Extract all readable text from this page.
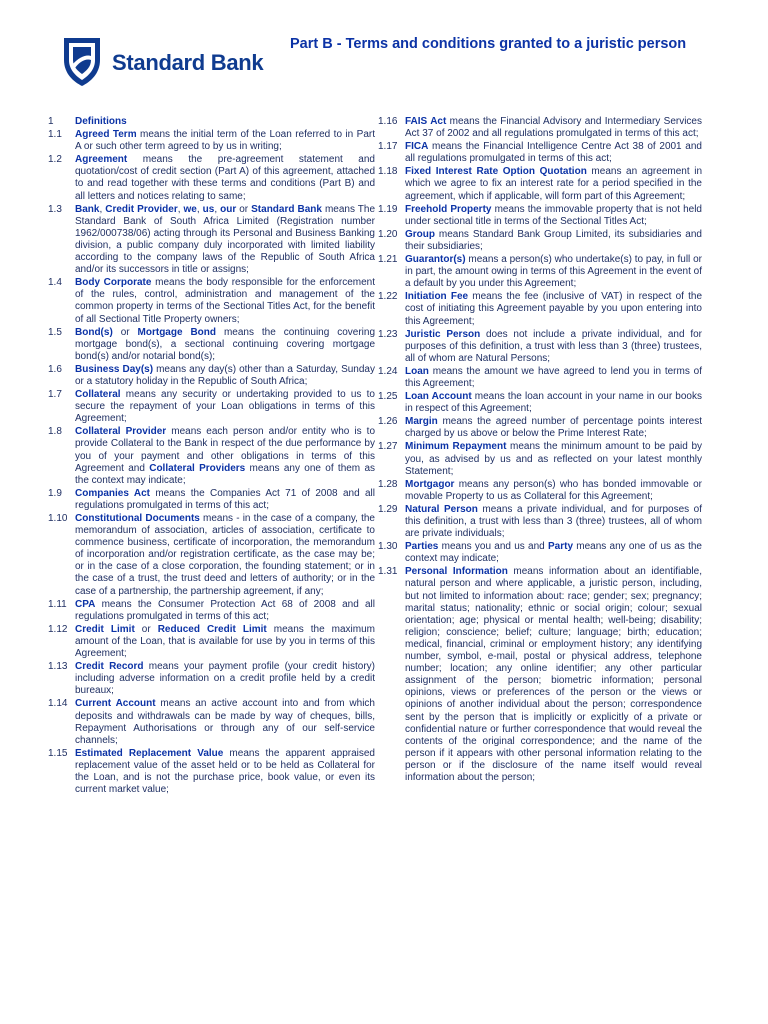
Standard Bank
Part B - Terms and conditions granted to a juristic person
1	Definitions
1.1	Agreed Term means the initial term of the Loan referred to in Part A or such other term agreed to by us in writing;
1.2	Agreement means the pre-agreement statement and quotation/cost of credit section (Part A) of this agreement, attached to and read together with these terms and conditions (Part B) and all letters and notices relating to same;
1.3	Bank, Credit Provider, we, us, our or Standard Bank means The Standard Bank of South Africa Limited (Registration number 1962/000738/06) acting through its Personal and Business Banking division, a public company duly incorporated with limited liability according to the company laws of the Republic of South Africa and/or its successors in title or assigns;
1.4	Body Corporate means the body responsible for the enforcement of the rules, control, administration and management of the common property in terms of the Sectional Titles Act, for the benefit of all Sectional Title Property owners;
1.5	Bond(s) or Mortgage Bond means the continuing covering mortgage bond(s), a sectional continuing covering mortgage bond(s) and/or notarial bond(s);
1.6	Business Day(s) means any day(s) other than a Saturday, Sunday or a statutory holiday in the Republic of South Africa;
1.7	Collateral means any security or undertaking provided to us to secure the repayment of your Loan obligations in terms of this Agreement;
1.8	Collateral Provider means each person and/or entity who is to provide Collateral to the Bank in respect of the due performance by you of your payment and other obligations in terms of this Agreement and Collateral Providers means any one of them as the context may indicate;
1.9	Companies Act means the Companies Act 71 of 2008 and all regulations promulgated in terms of this act;
1.10 Constitutional Documents means - in the case of a company, the memorandum of association, articles of association, certificate to commence business, certificate of incorporation, the memorandum of incorporation and/or registration certificate, as the case may be; or in the case of a close corporation, the founding statement; or in the case of a trust, the trust deed and letters of authority; or in the case of a partnership, the partnership agreement, if any;
1.11 CPA means the Consumer Protection Act 68 of 2008 and all regulations promulgated in terms of this act;
1.12 Credit Limit or Reduced Credit Limit means the maximum amount of the Loan, that is available for use by you in terms of this Agreement;
1.13 Credit Record means your payment profile (your credit history) including adverse information on a credit profile held by a credit bureaux;
1.14 Current Account means an active account into and from which deposits and withdrawals can be made by way of cheques, bills, Repayment Authorisations or through any of our self-service channels;
1.15 Estimated Replacement Value means the apparent appraised replacement value of the asset held or to be held as Collateral for the Loan, and is not the purchase price, book value, or even its current market value;
1.16 FAIS Act means the Financial Advisory and Intermediary Services Act 37 of 2002 and all regulations promulgated in terms of this act;
1.17 FICA means the Financial Intelligence Centre Act 38 of 2001 and all regulations promulgated in terms of this act;
1.18 Fixed Interest Rate Option Quotation means an agreement in which we agree to fix an interest rate for a period specified in the agreement, which if applicable, will form part of this Agreement;
1.19 Freehold Property means the immovable property that is not held under sectional title in terms of the Sectional Titles Act;
1.20 Group means Standard Bank Group Limited, its subsidiaries and their subsidiaries;
1.21 Guarantor(s) means a person(s) who undertake(s) to pay, in full or in part, the amount owing in terms of this Agreement in the event of a default by you under this Agreement;
1.22 Initiation Fee means the fee (inclusive of VAT) in respect of the cost of initiating this Agreement payable by you upon entering into this Agreement;
1.23 Juristic Person does not include a private individual, and for purposes of this definition, a trust with less than 3 (three) trustees, all of whom are Natural Persons;
1.24 Loan means the amount we have agreed to lend you in terms of this Agreement;
1.25 Loan Account means the loan account in your name in our books in respect of this Agreement;
1.26 Margin means the agreed number of percentage points interest charged by us above or below the Prime Interest Rate;
1.27 Minimum Repayment means the minimum amount to be paid by you, as advised by us and as reflected on your latest monthly Statement;
1.28 Mortgagor means any person(s) who has bonded immovable or movable Property to us as Collateral for this Agreement;
1.29 Natural Person means a private individual, and for purposes of this definition, a trust with less than 3 (three) trustees, all of whom are private individuals;
1.30 Parties means you and us and Party means any one of us as the context may indicate;
1.31 Personal Information means information about an identifiable, natural person and where applicable, a juristic person, including, but not limited to information about: race; gender; sex; pregnancy; marital status; nationality; ethnic or social origin; colour; sexual orientation; age; physical or mental health; well-being; disability; religion; conscience; belief; culture; language; birth; education; medical, financial, criminal or employment history; any identifying number, symbol, e-mail, postal or physical address, telephone number; location; any online identifier; any other particular assignment of the person; biometric information; personal opinions, views or preferences of the person or the views or opinions of another individual about the person; correspondence sent by the person that is implicitly or explicitly of a private or confidential nature or further correspondence that would reveal the contents of the original correspondence; and the name of the person if it appears with other personal information relating to the person or if the disclosure of the name itself would reveal information about the person;
